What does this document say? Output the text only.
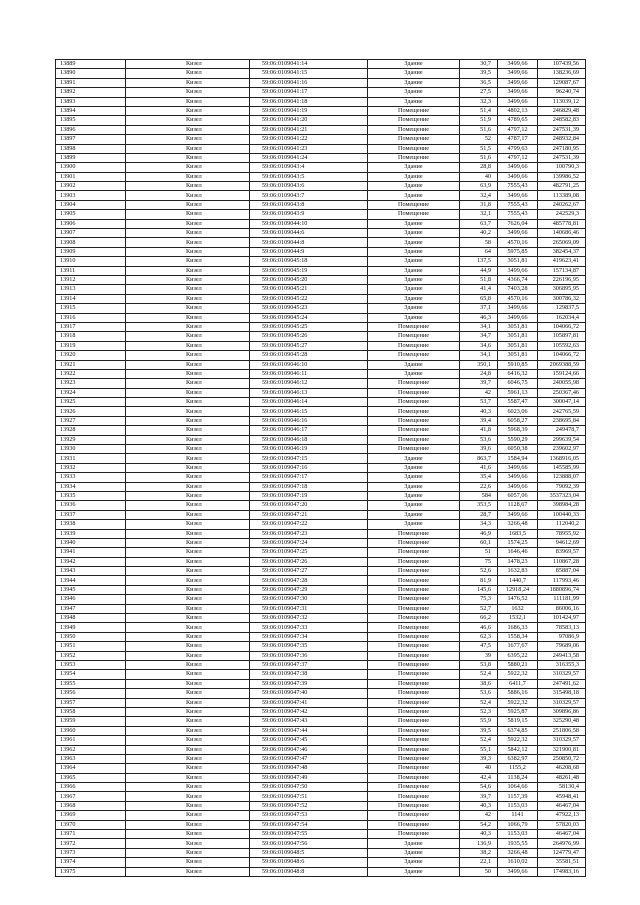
13889	Кизел	59:06:0109041:14	Здание	30,7	3499,66	107439,56
13890	Кизел	59:06:0109041:15	Здание	39,5	3499,66	138236,69
13891	Кизел	59:06:0109041:16	Здание	36,5	3499,66	129087,67
13892	Кизел	59:06:0109041:17	Здание	27,5	3499,66	96240,74
13893	Кизел	59:06:0109041:18	Здание	32,3	3499,66	113039,12
13894	Кизел	59:06:0109041:19	Помещение	51,4	4802,13	246829,48
13895	Кизел	59:06:0109041:20	Помещение	51,9	4789,65	248582,83
13896	Кизел	59:06:0109041:21	Помещение	51,6	4797,12	247531,39
13897	Кизел	59:06:0109041:22	Помещение	52	4787,17	248932,84
13898	Кизел	59:06:0109041:23	Помещение	51,5	4799,63	247180,95
13899	Кизел	59:06:0109041:24	Помещение	51,6	4797,12	247531,39
13900	Кизел	59:06:0109043:4	Здание	28,8	3499,66	100790,3
13901	Кизел	59:06:0109043:5	Здание	40	3499,66	139986,52
13902	Кизел	59:06:0109043:6	Здание	63,9	7555,43	482791,25
13903	Кизел	59:06:0109043:7	Здание	32,4	3499,66	113389,08
13904	Кизел	59:06:0109043:8	Помещение	31,8	7555,43	240262,67
13905	Кизел	59:06:0109043:9	Помещение	32,1	7555,43	242529,3
13906	Кизел	59:06:0109044:10	Здание	63,7	7626,04	485778,81
13907	Кизел	59:06:0109044:6	Здание	40,2	3499,66	140686,46
13908	Кизел	59:06:0109044:8	Здание	58	4570,16	265069,09
13909	Кизел	59:06:0109044:9	Здание	64	5975,85	382454,37
13910	Кизел	59:06:0109045:18	Здание	137,5	3051,81	419623,41
13911	Кизел	59:06:0109045:19	Здание	44,9	3499,66	157134,87
13912	Кизел	59:06:0109045:20	Здание	51,8	4366,74	226196,95
13913	Кизел	59:06:0109045:21	Здание	41,4	7403,28	306895,95
13914	Кизел	59:06:0109045:22	Здание	65,8	4570,16	300786,32
13915	Кизел	59:06:0109045:23	Здание	37,1	3499,66	129837,5
13916	Кизел	59:06:0109045:24	Здание	46,3	3499,66	162034,4
13917	Кизел	59:06:0109045:25	Помещение	34,1	3051,81	104066,72
13918	Кизел	59:06:0109045:26	Помещение	34,7	3051,81	105897,81
13919	Кизел	59:06:0109045:27	Помещение	34,6	3051,81	105592,63
13920	Кизел	59:06:0109045:28	Помещение	34,1	3051,81	104066,72
13921	Кизел	59:06:0109046:10	Здание	350,1	5910,85	2069388,59
13922	Кизел	59:06:0109046:11	Здание	24,8	6416,32	159124,66
13923	Кизел	59:06:0109046:12	Помещение	39,7	6046,75	240055,98
13924	Кизел	59:06:0109046:13	Помещение	42	5961,13	250367,46
13925	Кизел	59:06:0109046:14	Помещение	53,7	5587,47	300047,14
13926	Кизел	59:06:0109046:15	Помещение	40,3	6023,06	242765,59
13927	Кизел	59:06:0109046:16	Помещение	39,4	6058,27	238695,84
13928	Кизел	59:06:0109046:17	Помещение	41,8	5968,39	249478,7
13929	Кизел	59:06:0109046:18	Помещение	53,6	5590,29	299639,54
13930	Кизел	59:06:0109046:19	Помещение	39,6	6050,38	239602,97
13931	Кизел	59:06:0109047:15	Здание	863,7	1584,94	1368916,05
13932	Кизел	59:06:0109047:16	Здание	41,6	3499,66	145585,99
13933	Кизел	59:06:0109047:17	Здание	35,4	3499,66	123888,07
13934	Кизел	59:06:0109047:18	Здание	22,6	3499,66	79092,39
13935	Кизел	59:06:0109047:19	Здание	584	6057,06	3537323,04
13936	Кизел	59:06:0109047:20	Здание	353,5	1128,67	398984,28
13937	Кизел	59:06:0109047:21	Здание	28,7	3499,66	100440,33
13938	Кизел	59:06:0109047:22	Здание	34,3	3266,48	112040,2
13939	Кизел	59:06:0109047:23	Помещение	46,9	1683,5	78955,92
13940	Кизел	59:06:0109047:24	Помещение	60,1	1574,25	94612,69
13941	Кизел	59:06:0109047:25	Помещение	51	1646,46	83969,57
13942	Кизел	59:06:0109047:26	Помещение	75	1478,23	110867,28
13943	Кизел	59:06:0109047:27	Помещение	52,6	1632,83	85887,04
13944	Кизел	59:06:0109047:28	Помещение	81,9	1440,7	117993,46
13945	Кизел	59:06:0109047:29	Помещение	145,6	12918,24	1880896,74
13946	Кизел	59:06:0109047:30	Помещение	75,3	1476,52	111181,99
13947	Кизел	59:06:0109047:31	Помещение	52,7	1632	86006,16
13948	Кизел	59:06:0109047:32	Помещение	66,2	1532,1	101424,97
13949	Кизел	59:06:0109047:33	Помещение	46,6	1686,33	78583,13
13950	Кизел	59:06:0109047:34	Помещение	62,3	1558,34	97086,9
13951	Кизел	59:06:0109047:35	Помещение	47,5	1677,67	79689,06
13952	Кизел	59:06:0109047:36	Помещение	39	6395,22	249413,58
13953	Кизел	59:06:0109047:37	Помещение	53,8	5880,21	316355,3
13954	Кизел	59:06:0109047:38	Помещение	52,4	5922,32	310329,57
13955	Кизел	59:06:0109047:39	Помещение	38,6	6411,7	247491,62
13956	Кизел	59:06:0109047:40	Помещение	53,6	5886,16	315498,18
13957	Кизел	59:06:0109047:41	Помещение	52,4	5922,32	310329,57
13958	Кизел	59:06:0109047:42	Помещение	52,3	5925,87	309896,86
13959	Кизел	59:06:0109047:43	Помещение	55,9	5819,15	325290,48
13960	Кизел	59:06:0109047:44	Помещение	39,5	6374,85	251806,58
13961	Кизел	59:06:0109047:45	Помещение	52,4	5922,32	310329,57
13962	Кизел	59:06:0109047:46	Помещение	55,1	5842,12	321900,81
13963	Кизел	59:06:0109047:47	Помещение	39,3	6382,97	250850,72
13964	Кизел	59:06:0109047:48	Помещение	40	1155,2	46208,68
13965	Кизел	59:06:0109047:49	Помещение	42,4	1138,24	48261,48
13966	Кизел	59:06:0109047:50	Помещение	54,6	1064,66	58130,4
13967	Кизел	59:06:0109047:51	Помещение	39,7	1157,39	45948,41
13968	Кизел	59:06:0109047:52	Помещение	40,3	1153,03	46467,04
13969	Кизел	59:06:0109047:53	Помещение	42	1141	47922,13
13970	Кизел	59:06:0109047:54	Помещение	54,2	1066,79	57820,03
13971	Кизел	59:06:0109047:55	Помещение	40,3	1153,03	46467,04
13972	Кизел	59:06:0109047:56	Здание	136,9	1935,55	264976,99
13973	Кизел	59:06:0109048:5	Здание	38,2	3266,48	124779,47
13974	Кизел	59:06:0109048:6	Здание	22,1	1610,02	35581,51
13975	Кизел	59:06:0109048:8	Здание	50	3499,66	174983,16
